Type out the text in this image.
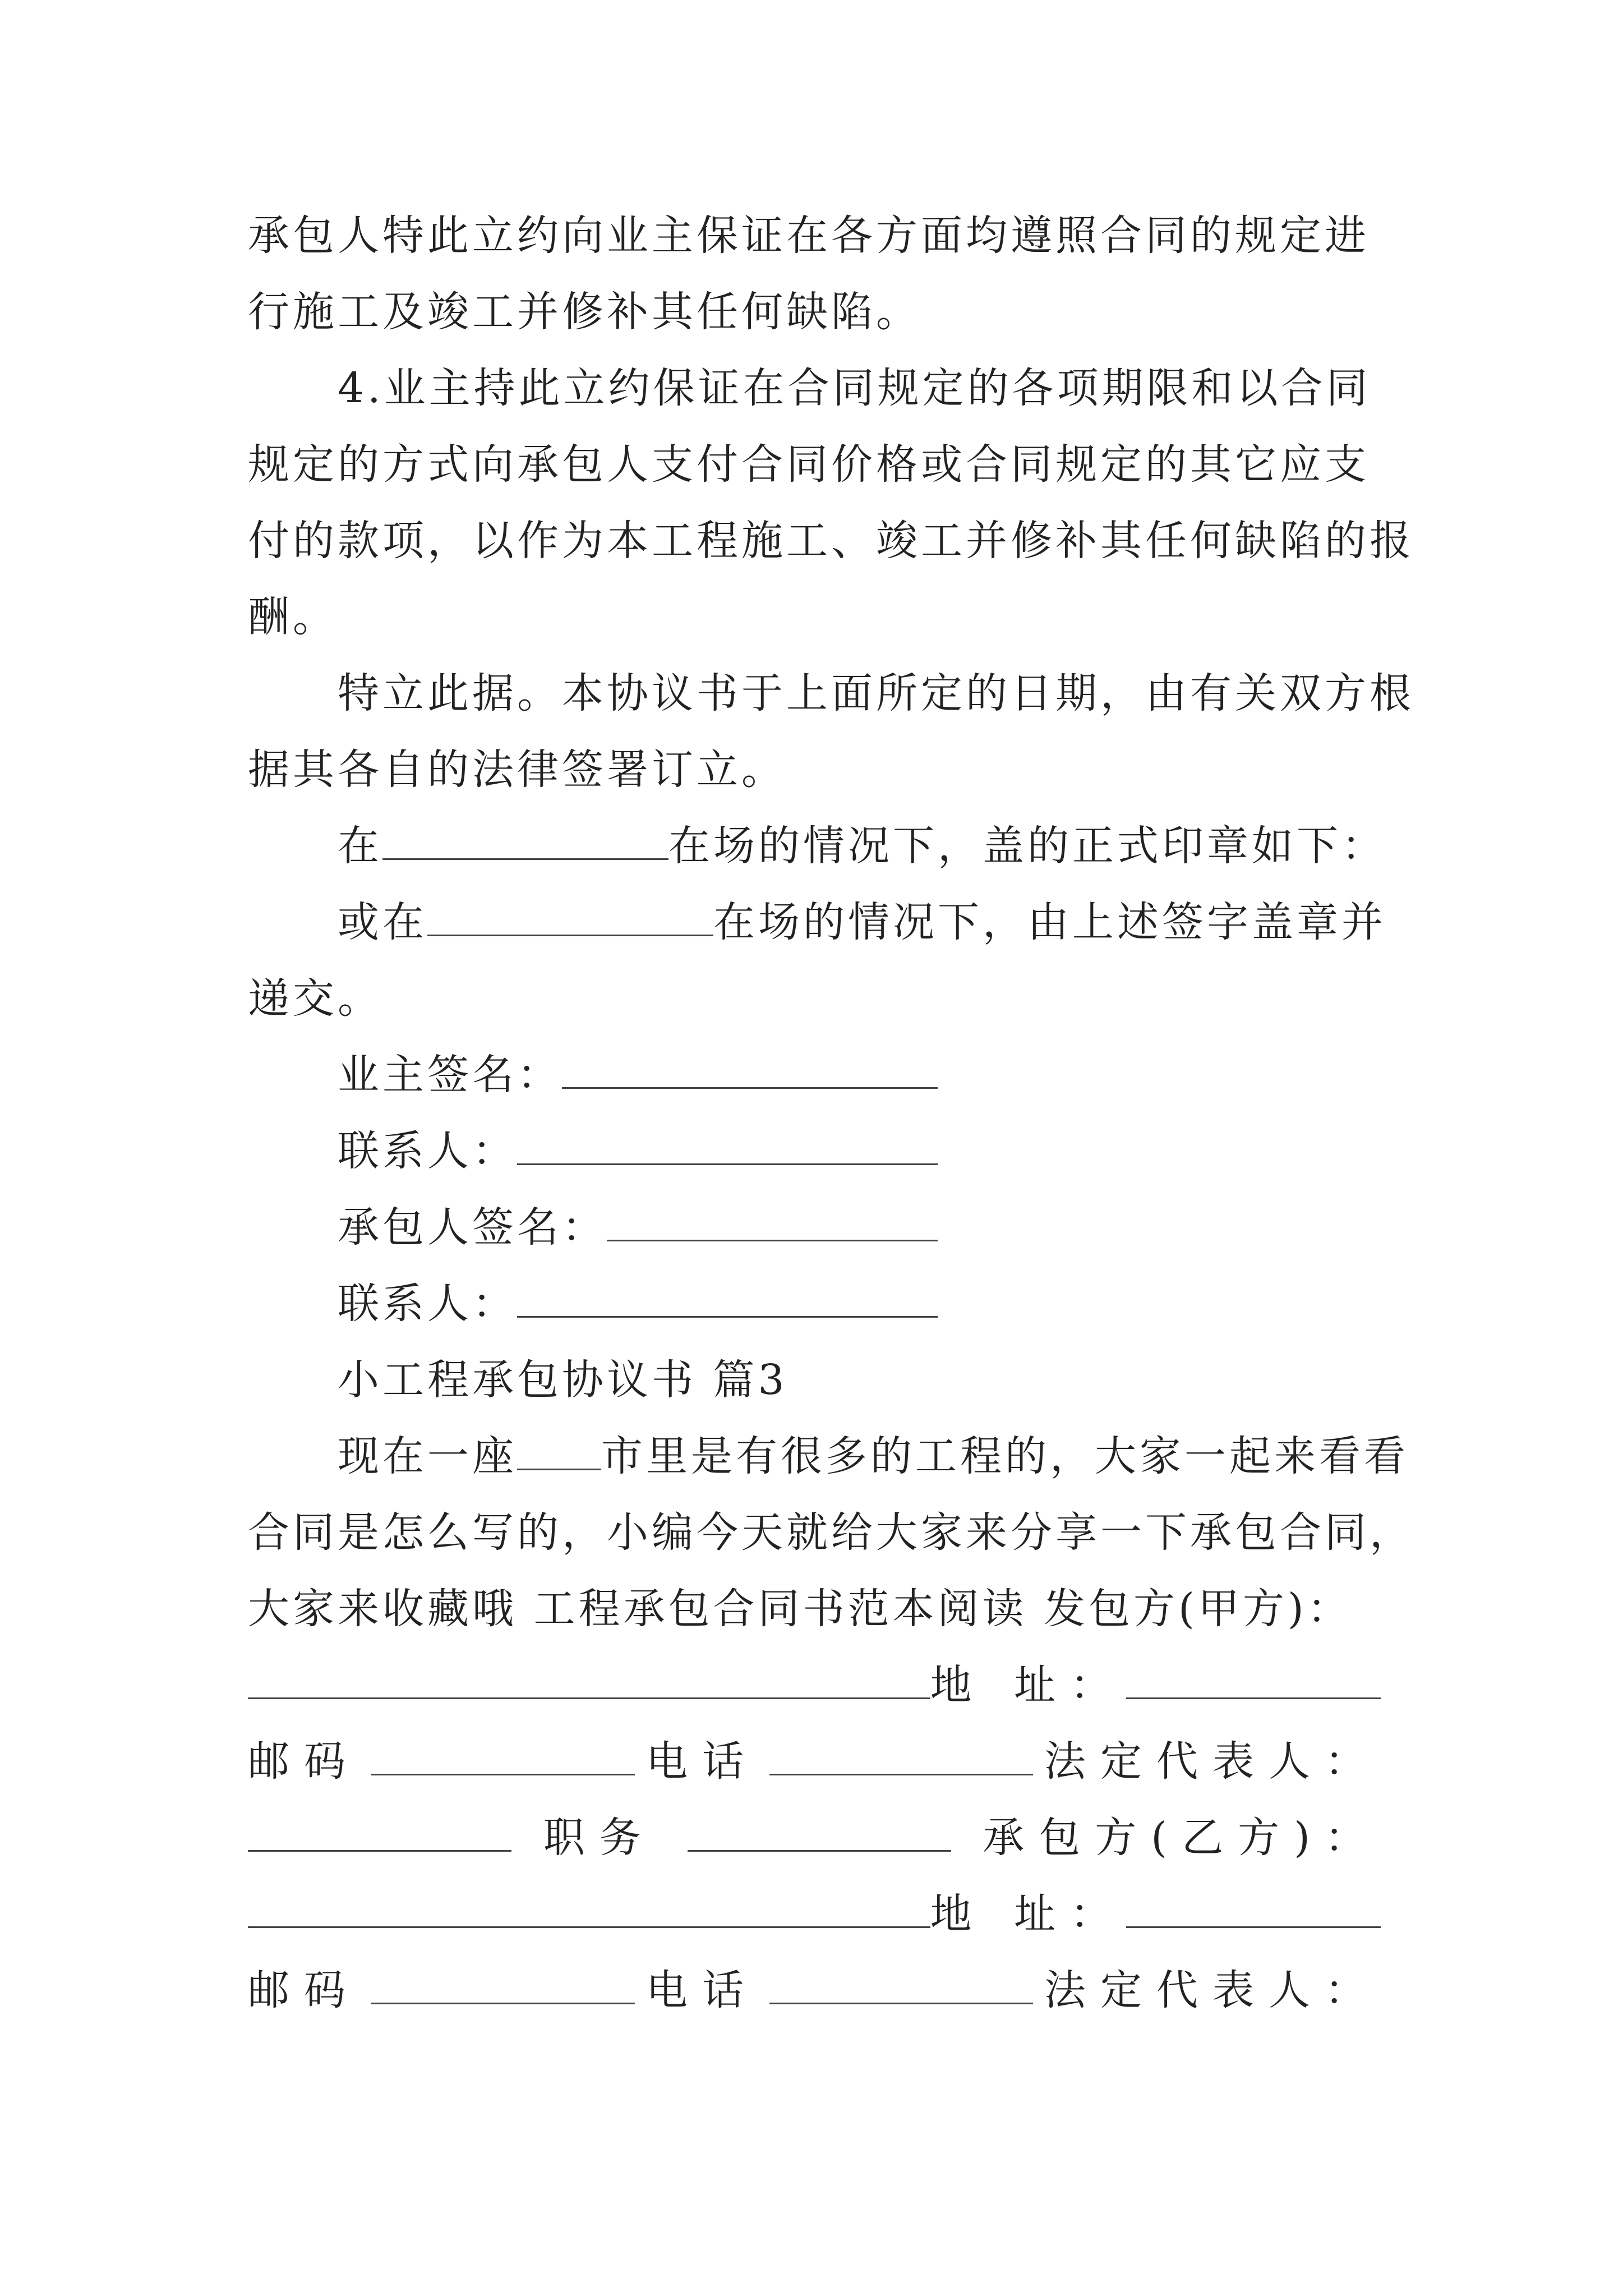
承包人特此立约向业主保证在各方面均遵照合同的规定进
行施工及竣工并修补其任何缺陷。
4.业主持此立约保证在合同规定的各项期限和以合同
规定的方式向承包人支付合同价格或合同规定的其它应支
付的款项，以作为本工程施工、竣工并修补其任何缺陷的报
酬。
特立此据。本协议书于上面所定的日期，由有关双方根
据其各自的法律签署订立。
在	在场的情况下，盖的正式印章如下：
或在	在场的情况下，由上述签字盖章并
递交。
业主签名：
联系人：
承包人签名：
联系人：
小工程承包协议书 篇3
现在一座 市里是有很多的工程的，大家一起来看看
合同是怎么写的，小编今天就给大家来分享一下承包合同，
大家来收藏哦 工程承包合同书范本阅读 发包方(甲方)：
地 址：
邮码	电话	法定代表人：
职务	承包方(乙方)：
地 址：
邮码	电话	法定代表人：
